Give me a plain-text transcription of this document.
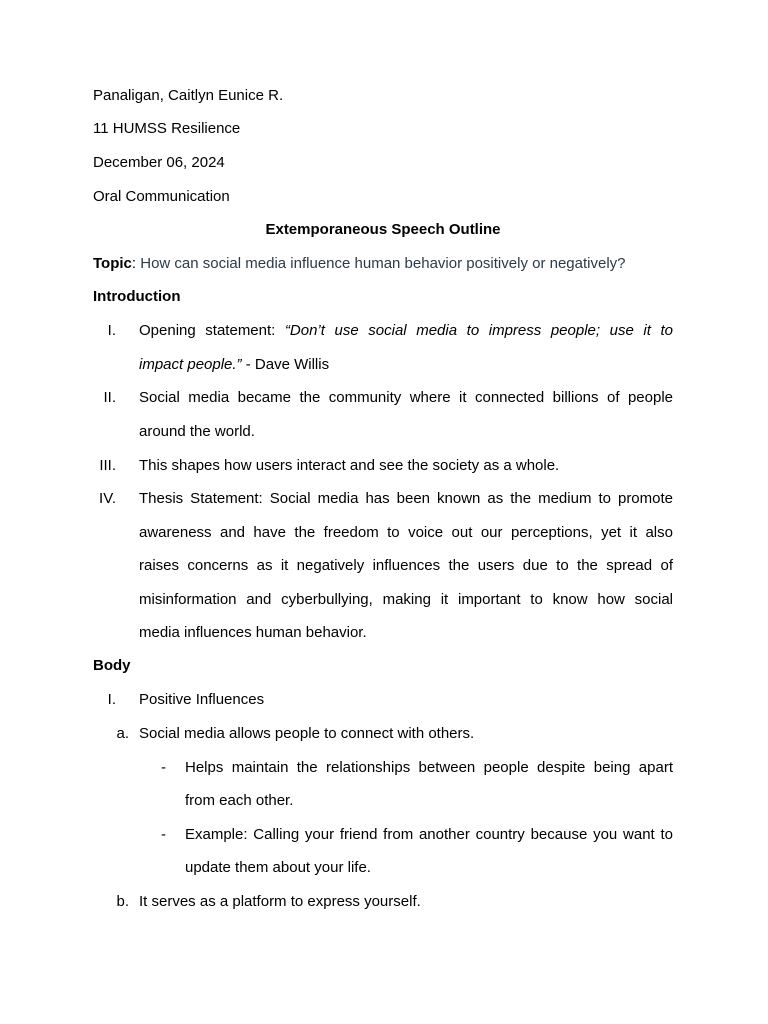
Panaligan, Caitlyn Eunice R.
11 HUMSS Resilience
December 06, 2024
Oral Communication
Extemporaneous Speech Outline
Topic: How can social media influence human behavior positively or negatively?
Introduction
I. Opening statement: “Don’t use social media to impress people; use it to
impact people.” - Dave Willis
II. Social media became the community where it connected billions of people
around the world.
III. This shapes how users interact and see the society as a whole.
IV. Thesis Statement: Social media has been known as the medium to promote
awareness and have the freedom to voice out our perceptions, yet it also
raises concerns as it negatively influences the users due to the spread of
misinformation and cyberbullying, making it important to know how social
media influences human behavior.
Body
I. Positive Influences
a. Social media allows people to connect with others.
- Helps maintain the relationships between people despite being apart
from each other.
- Example: Calling your friend from another country because you want to
update them about your life.
b. It serves as a platform to express yourself.
